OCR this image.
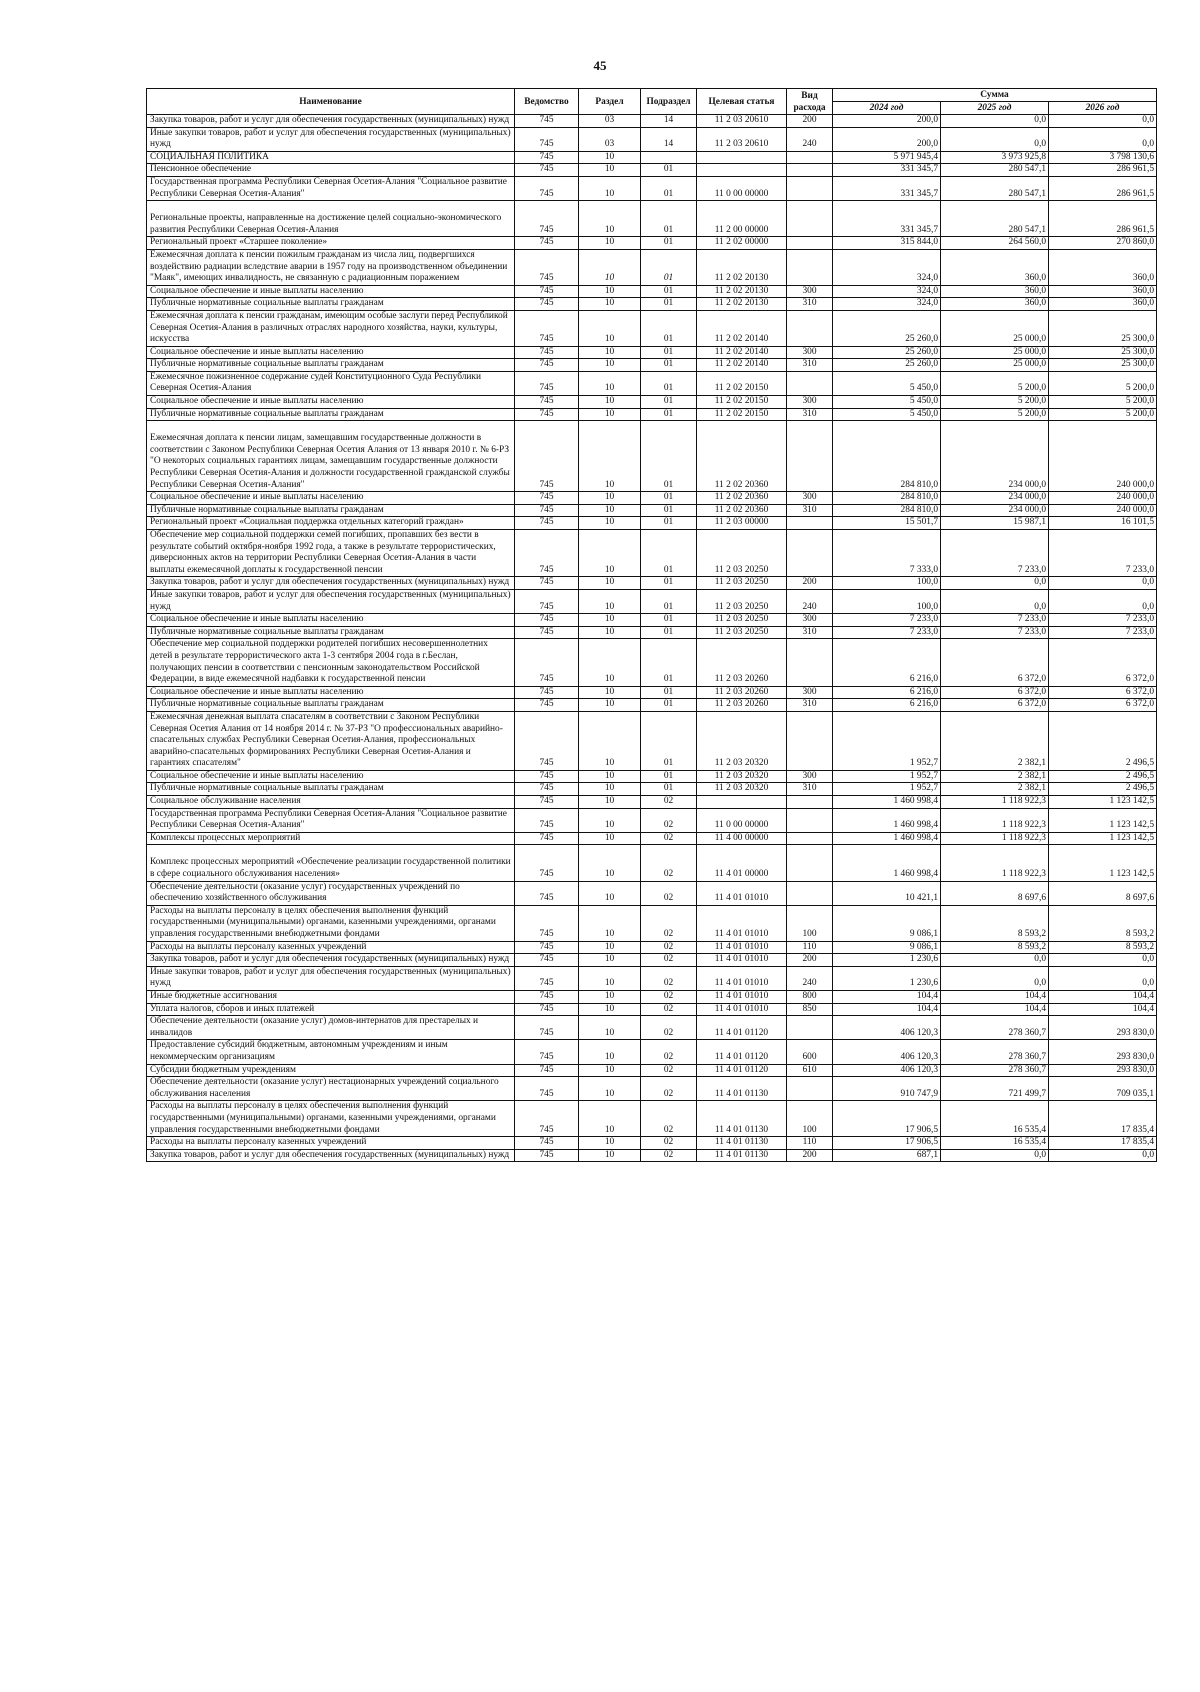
45
Наименование	Ведомство	Раздел	Подраздел	Целевая статья	Вид расхода	Сумма		
						2024 год	2025 год	2026 год
Закупка товаров, работ и услуг для обеспечения государственных (муниципальных) нужд	745	03	14	11 2 03 20610	200	200,0	0,0	0,0
Иные закупки товаров, работ и услуг для обеспечения государственных (муниципальных) нужд	745	03	14	11 2 03 20610	240	200,0	0,0	0,0
СОЦИАЛЬНАЯ ПОЛИТИКА	745	10				5 971 945,4	3 973 925,8	3 798 130,6
Пенсионное обеспечение	745	10	01			331 345,7	280 547,1	286 961,5
Государственная программа Республики Северная Осетия-Алания "Социальное развитие Республики Северная Осетия-Алания"	745	10	01	11 0 00 00000		331 345,7	280 547,1	286 961,5
Региональные проекты, направленные на достижение целей социально-экономического развития Республики Северная Осетия-Алания	745	10	01	11 2 00 00000		331 345,7	280 547,1	286 961,5
Региональный проект «Старшее поколение»	745	10	01	11 2 02 00000		315 844,0	264 560,0	270 860,0
Ежемесячная доплата к пенсии пожилым гражданам из числа лиц, подвергшихся воздействию радиации вследствие аварии в 1957 году на производственном объединении "Маяк", имеющих инвалидность, не связанную с радиационным поражением	745	10	01	11 2 02 20130		324,0	360,0	360,0
Социальное обеспечение и иные выплаты населению	745	10	01	11 2 02 20130	300	324,0	360,0	360,0
Публичные нормативные социальные выплаты гражданам	745	10	01	11 2 02 20130	310	324,0	360,0	360,0
Ежемесячная доплата к пенсии гражданам, имеющим особые заслуги перед Республикой Северная Осетия-Алания в различных отраслях народного хозяйства, науки, культуры, искусства	745	10	01	11 2 02 20140		25 260,0	25 000,0	25 300,0
Социальное обеспечение и иные выплаты населению	745	10	01	11 2 02 20140	300	25 260,0	25 000,0	25 300,0
Публичные нормативные социальные выплаты гражданам	745	10	01	11 2 02 20140	310	25 260,0	25 000,0	25 300,0
Ежемесячное пожизненное содержание судей Конституционного Суда Республики Северная Осетия-Алания	745	10	01	11 2 02 20150		5 450,0	5 200,0	5 200,0
Социальное обеспечение и иные выплаты населению	745	10	01	11 2 02 20150	300	5 450,0	5 200,0	5 200,0
Публичные нормативные социальные выплаты гражданам	745	10	01	11 2 02 20150	310	5 450,0	5 200,0	5 200,0
Ежемесячная доплата к пенсии лицам, замещавшим государственные должности в соответствии с Законом Республики Северная Осетия Алания от 13 января 2010 г. № 6-РЗ "О некоторых социальных гарантиях лицам, замещавшим государственные должности Республики Северная Осетия-Алания и должности государственной гражданской службы Республики Северная Осетия-Алания"	745	10	01	11 2 02 20360		284 810,0	234 000,0	240 000,0
Социальное обеспечение и иные выплаты населению	745	10	01	11 2 02 20360	300	284 810,0	234 000,0	240 000,0
Публичные нормативные социальные выплаты гражданам	745	10	01	11 2 02 20360	310	284 810,0	234 000,0	240 000,0
Региональный проект «Социальная поддержка отдельных категорий граждан»	745	10	01	11 2 03 00000		15 501,7	15 987,1	16 101,5
Обеспечение мер социальной поддержки семей погибших, пропавших без вести в результате событий октября-ноября 1992 года, а также в результате террористических, диверсионных актов на территории Республики Северная Осетия-Алания в части выплаты ежемесячной доплаты к государственной пенсии	745	10	01	11 2 03 20250		7 333,0	7 233,0	7 233,0
Закупка товаров, работ и услуг для обеспечения государственных (муниципальных) нужд	745	10	01	11 2 03 20250	200	100,0	0,0	0,0
Иные закупки товаров, работ и услуг для обеспечения государственных (муниципальных) нужд	745	10	01	11 2 03 20250	240	100,0	0,0	0,0
Социальное обеспечение и иные выплаты населению	745	10	01	11 2 03 20250	300	7 233,0	7 233,0	7 233,0
Публичные нормативные социальные выплаты гражданам	745	10	01	11 2 03 20250	310	7 233,0	7 233,0	7 233,0
Обеспечение мер социальной поддержки родителей погибших несовершеннолетних детей в результате террористического акта 1-3 сентября 2004 года в г.Беслан, получающих пенсии в соответствии с пенсионным законодательством Российской Федерации, в виде ежемесячной надбавки к государственной пенсии	745	10	01	11 2 03 20260		6 216,0	6 372,0	6 372,0
Социальное обеспечение и иные выплаты населению	745	10	01	11 2 03 20260	300	6 216,0	6 372,0	6 372,0
Публичные нормативные социальные выплаты гражданам	745	10	01	11 2 03 20260	310	6 216,0	6 372,0	6 372,0
Ежемесячная денежная выплата спасателям в соответствии с Законом Республики Северная Осетия Алания от 14 ноября 2014 г. № 37-РЗ "О профессиональных аварийно-спасательных службах Республики Северная Осетия-Алания, профессиональных аварийно-спасательных формированиях Республики Северная Осетия-Алания и гарантиях спасателям"	745	10	01	11 2 03 20320		1 952,7	2 382,1	2 496,5
Социальное обеспечение и иные выплаты населению	745	10	01	11 2 03 20320	300	1 952,7	2 382,1	2 496,5
Публичные нормативные социальные выплаты гражданам	745	10	01	11 2 03 20320	310	1 952,7	2 382,1	2 496,5
Социальное обслуживание населения	745	10	02			1 460 998,4	1 118 922,3	1 123 142,5
Государственная программа Республики Северная Осетия-Алания "Социальное развитие Республики Северная Осетия-Алания"	745	10	02	11 0 00 00000		1 460 998,4	1 118 922,3	1 123 142,5
Комплексы процессных мероприятий	745	10	02	11 4 00 00000		1 460 998,4	1 118 922,3	1 123 142,5
Комплекс процессных мероприятий «Обеспечение реализации государственной политики в сфере социального обслуживания населения»	745	10	02	11 4 01 00000		1 460 998,4	1 118 922,3	1 123 142,5
Обеспечение деятельности (оказание услуг) государственных учреждений по обеспечению хозяйственного обслуживания	745	10	02	11 4 01 01010		10 421,1	8 697,6	8 697,6
Расходы на выплаты персоналу в целях обеспечения выполнения функций государственными (муниципальными) органами, казенными учреждениями, органами управления государственными внебюджетными фондами	745	10	02	11 4 01 01010	100	9 086,1	8 593,2	8 593,2
Расходы на выплаты персоналу казенных учреждений	745	10	02	11 4 01 01010	110	9 086,1	8 593,2	8 593,2
Закупка товаров, работ и услуг для обеспечения государственных (муниципальных) нужд	745	10	02	11 4 01 01010	200	1 230,6	0,0	0,0
Иные закупки товаров, работ и услуг для обеспечения государственных (муниципальных) нужд	745	10	02	11 4 01 01010	240	1 230,6	0,0	0,0
Иные бюджетные ассигнования	745	10	02	11 4 01 01010	800	104,4	104,4	104,4
Уплата налогов, сборов и иных платежей	745	10	02	11 4 01 01010	850	104,4	104,4	104,4
Обеспечение деятельности (оказание услуг) домов-интернатов для престарелых и инвалидов	745	10	02	11 4 01 01120		406 120,3	278 360,7	293 830,0
Предоставление субсидий бюджетным, автономным учреждениям и иным некоммерческим организациям	745	10	02	11 4 01 01120	600	406 120,3	278 360,7	293 830,0
Субсидии бюджетным учреждениям	745	10	02	11 4 01 01120	610	406 120,3	278 360,7	293 830,0
Обеспечение деятельности (оказание услуг) нестационарных учреждений социального обслуживания населения	745	10	02	11 4 01 01130		910 747,9	721 499,7	709 035,1
Расходы на выплаты персоналу в целях обеспечения выполнения функций государственными (муниципальными) органами, казенными учреждениями, органами управления государственными внебюджетными фондами	745	10	02	11 4 01 01130	100	17 906,5	16 535,4	17 835,4
Расходы на выплаты персоналу казенных учреждений	745	10	02	11 4 01 01130	110	17 906,5	16 535,4	17 835,4
Закупка товаров, работ и услуг для обеспечения государственных (муниципальных) нужд	745	10	02	11 4 01 01130	200	687,1	0,0	0,0
